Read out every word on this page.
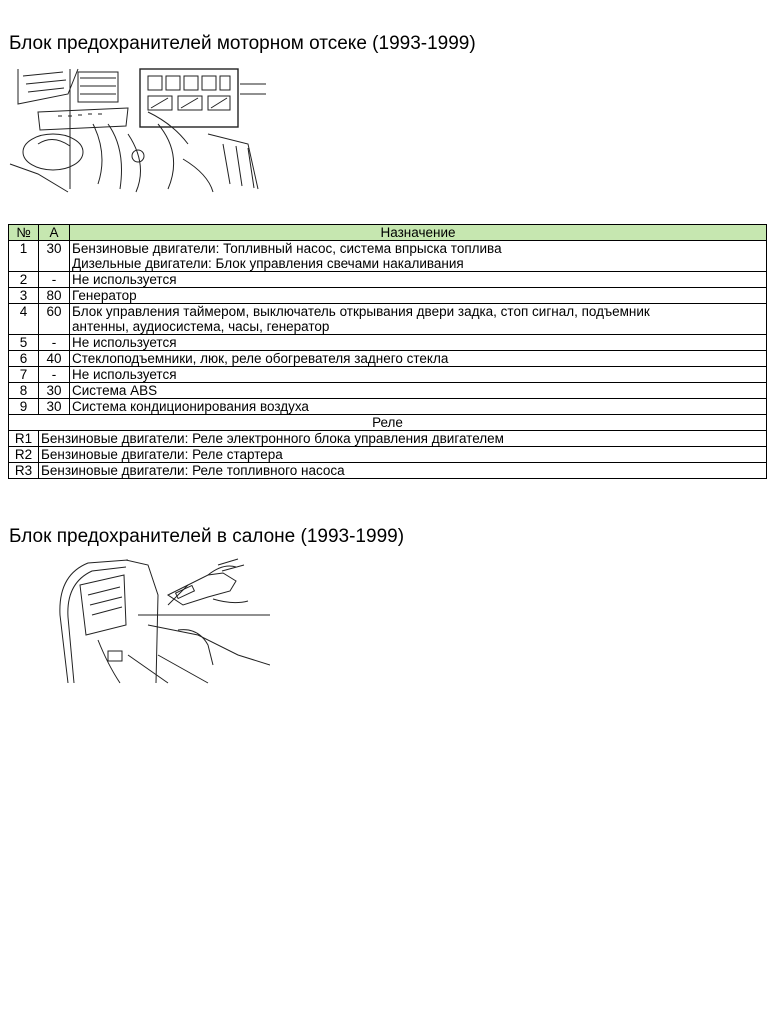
Блок предохранителей моторном отсеке (1993-1999)
№	А	Назначение
1	30	Бензиновые двигатели: Топливный насос, система впрыска топлива
Дизельные двигатели: Блок управления свечами накаливания

2	-	Не используется
3	80	Генератор
4	60	Блок управления таймером, выключатель открывания двери задка, стоп сигнал, подъемник
антенны, аудиосистема, часы, генератор

5	-	Не используется
6	40	Стеклоподъемники, люк, реле обогревателя заднего стекла
7	-	Не используется
8	30	Система ABS
9	30	Система кондиционирования воздуха
Реле		
R1	Бензиновые двигатели: Реле электронного блока управления двигателем	
R2	Бензиновые двигатели: Реле стартера	
R3	Бензиновые двигатели: Реле топливного насоса	
Блок предохранителей в салоне (1993-1999)
